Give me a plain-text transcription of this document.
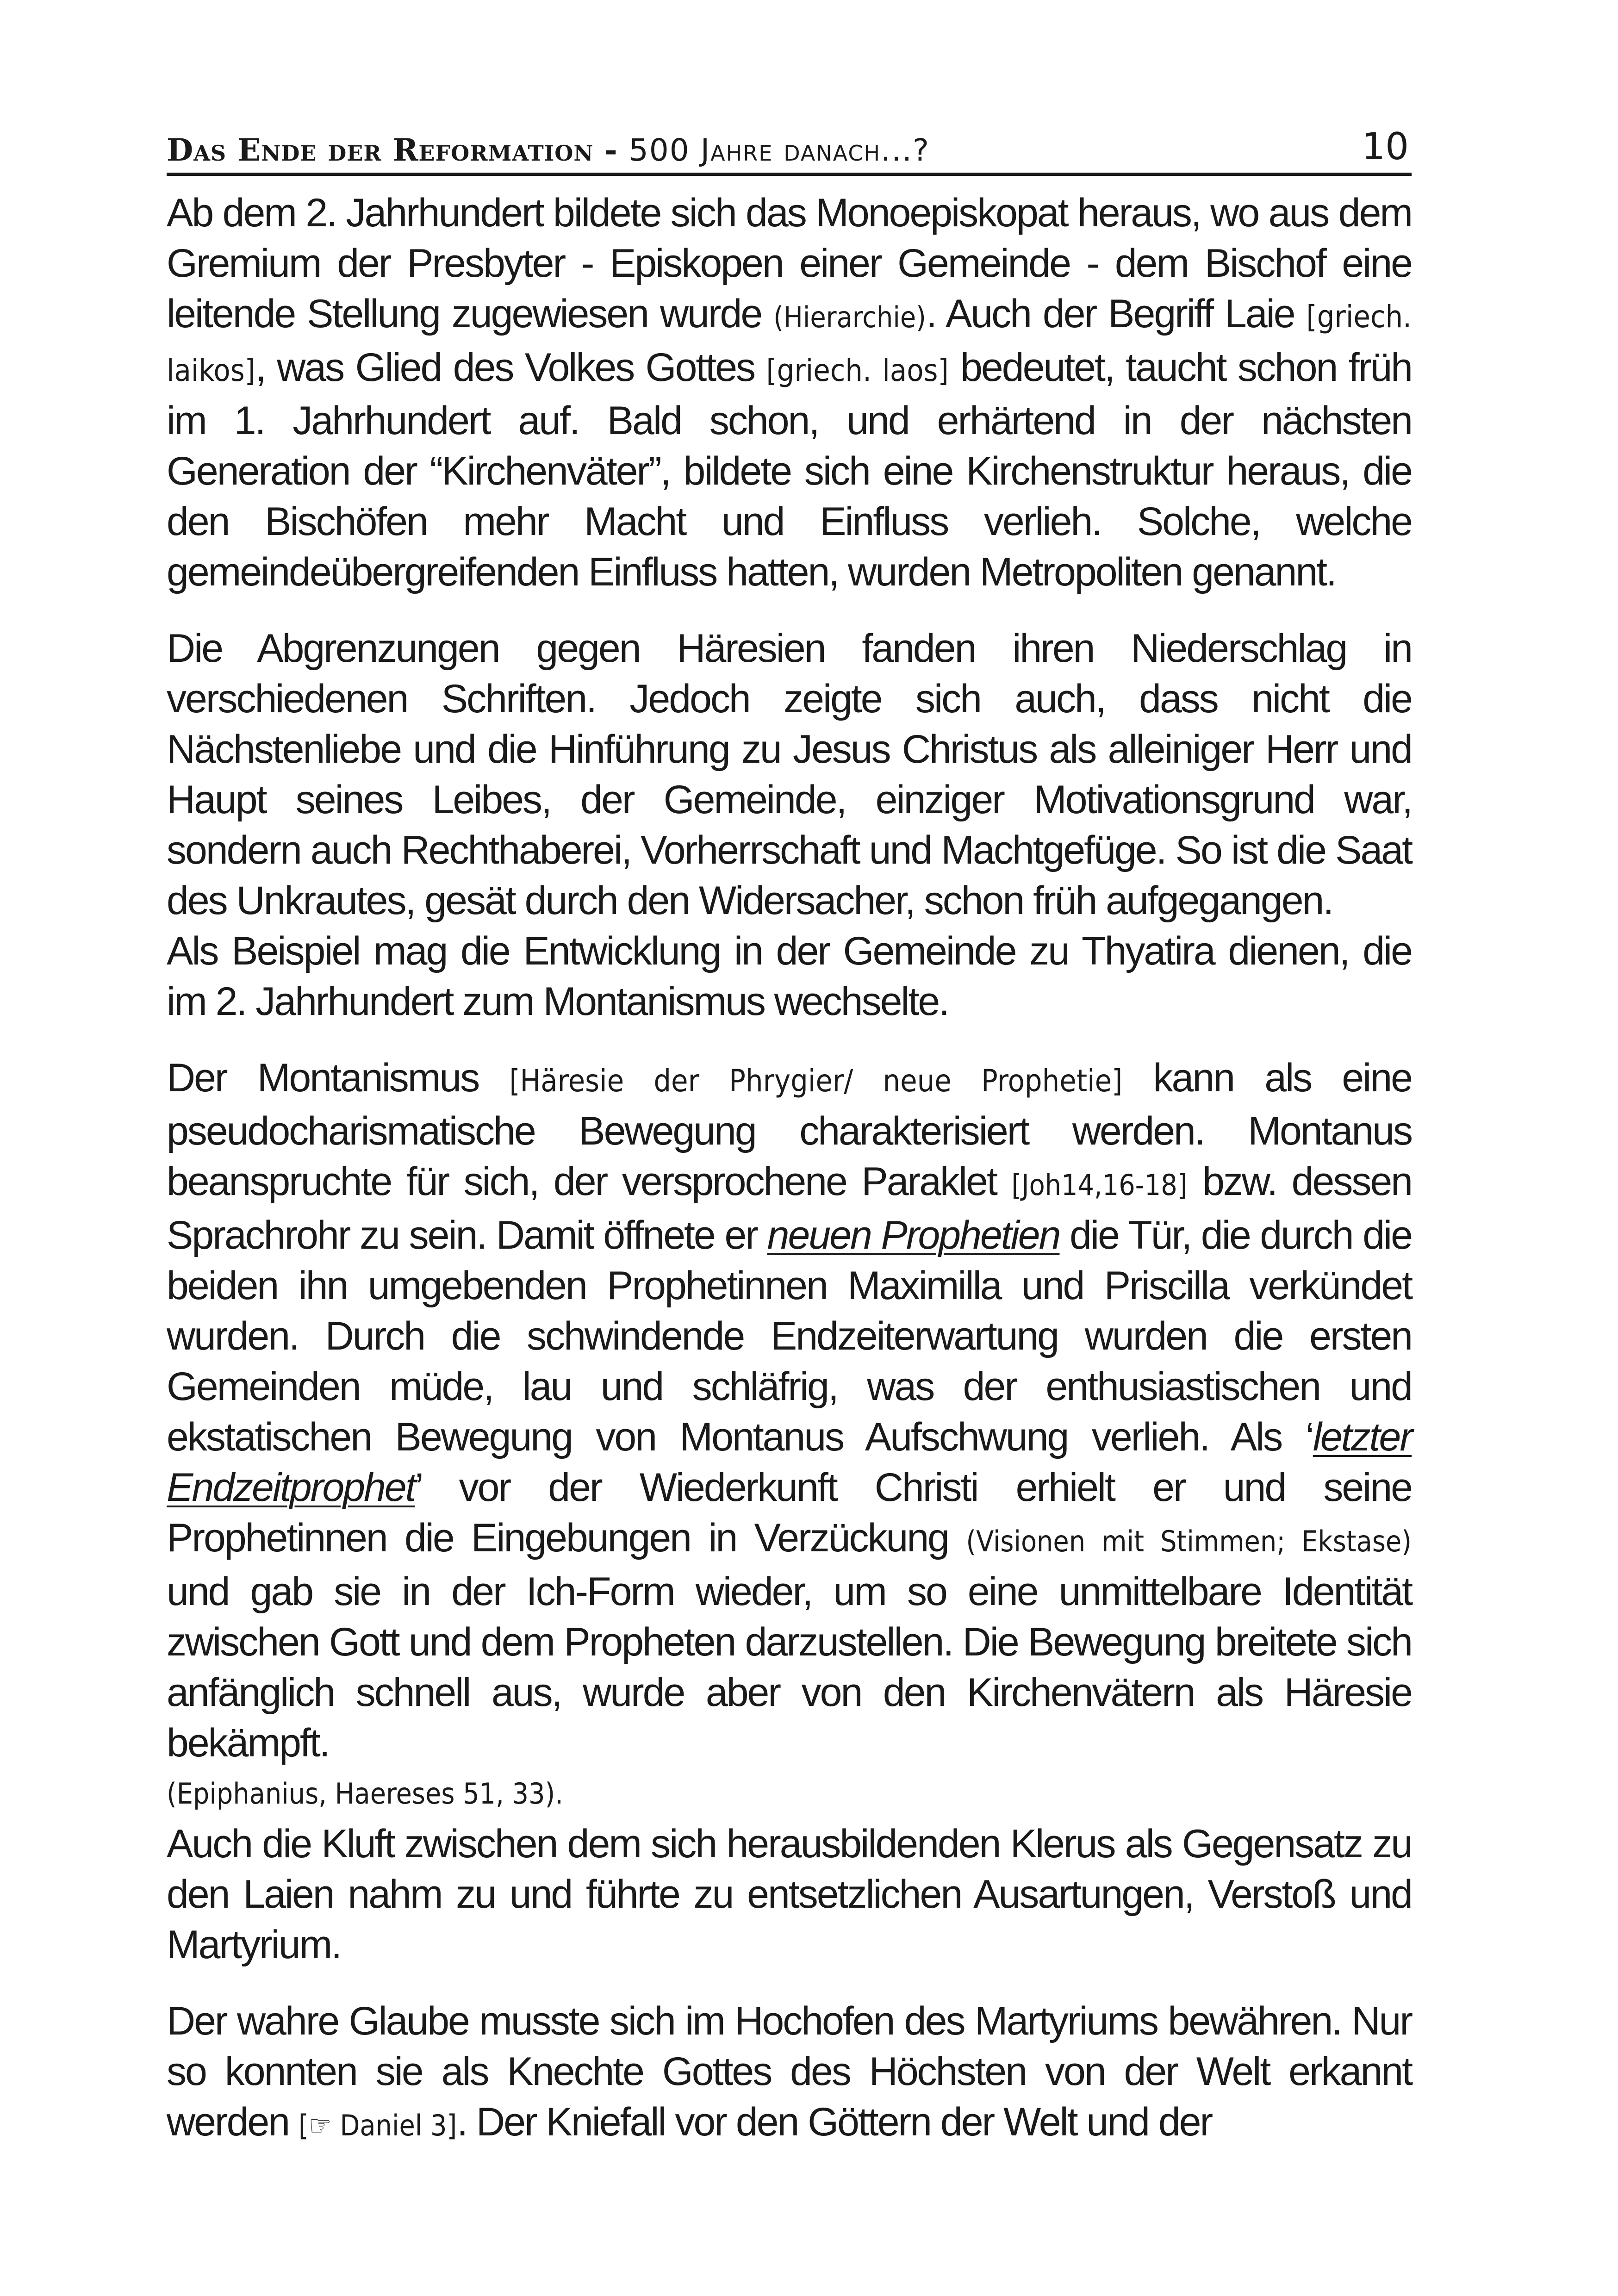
Das Ende der Reformation - 500 Jahre danach...?	10

Ab dem 2. Jahrhundert bildete sich das Monoepiskopat heraus, wo aus dem Gremium der Presbyter - Episkopen einer Gemeinde - dem Bischof eine leitende Stellung zugewiesen wurde (Hierarchie). Auch der Begriff Laie [griech. laikos], was Glied des Volkes Gottes [griech. laos] bedeutet, taucht schon früh im 1. Jahrhundert auf. Bald schon, und erhärtend in der nächsten Generation der “Kirchenväter”, bildete sich eine Kirchenstruktur heraus, die den Bischöfen mehr Macht und Einfluss verlieh. Solche, welche gemeindeübergreifenden Einfluss hatten, wurden Metropoliten genannt.

Die Abgrenzungen gegen Häresien fanden ihren Niederschlag in verschiedenen Schriften. Jedoch zeigte sich auch, dass nicht die Nächstenliebe und die Hinführung zu Jesus Christus als alleiniger Herr und Haupt seines Leibes, der Gemeinde, einziger Motivationsgrund war, sondern auch Rechthaberei, Vorherrschaft und Machtgefüge. So ist die Saat des Unkrautes, gesät durch den Widersacher, schon früh aufgegangen.

Als Beispiel mag die Entwicklung in der Gemeinde zu Thyatira dienen, die im 2. Jahrhundert zum Montanismus wechselte.

Der Montanismus [Häresie der Phrygier/ neue Prophetie] kann als eine pseudocharismatische Bewegung charakterisiert werden. Montanus beanspruchte für sich, der versprochene Paraklet [Joh14,16-18] bzw. dessen Sprachrohr zu sein. Damit öffnete er neuen Prophetien die Tür, die durch die beiden ihn umgebenden Prophetinnen Maximilla und Priscilla verkündet wurden. Durch die schwindende Endzeiterwartung wurden die ersten Gemeinden müde, lau und schläfrig, was der enthusiastischen und ekstatischen Bewegung von Montanus Aufschwung verlieh. Als ‘letzter Endzeitprophet’ vor der Wiederkunft Christi erhielt er und seine Prophetinnen die Eingebungen in Verzückung (Visionen mit Stimmen; Ekstase) und gab sie in der Ich-Form wieder, um so eine unmittelbare Identität zwischen Gott und dem Propheten darzustellen. Die Bewegung breitete sich anfänglich schnell aus, wurde aber von den Kirchenvätern als Häresie bekämpft.

(Epiphanius, Haereses 51, 33).

Auch die Kluft zwischen dem sich herausbildenden Klerus als Gegensatz zu den Laien nahm zu und führte zu entsetzlichen Ausartungen, Verstoß und Martyrium.

Der wahre Glaube musste sich im Hochofen des Martyriums bewähren. Nur so konnten sie als Knechte Gottes des Höchsten von der Welt erkannt werden [☞ Daniel 3]. Der Kniefall vor den Göttern der Welt und der
